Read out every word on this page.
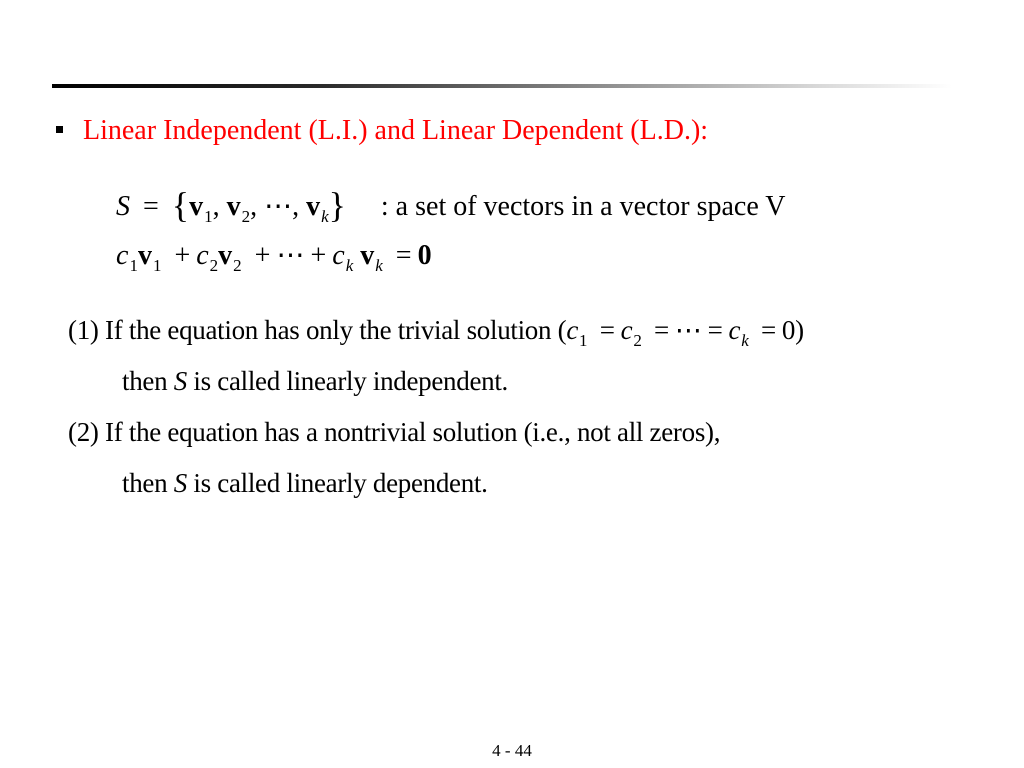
Linear Independent (L.I.) and Linear Dependent (L.D.):
$S = \{v_1$, $v_2$, ⋯, $v_k$} : a set of vectors in a vector space V
$c_1v_1 + c_2v_2$ + ⋯ + $c_k$ $v_k = 0$
(1) If the equation has only the trivial solution ($c_1 = c_2$ = ⋯ = $c_k = 0$)
then S is called linearly independent.
(2) If the equation has a nontrivial solution (i.e., not all zeros),
then S is called linearly dependent.
4 - 44
